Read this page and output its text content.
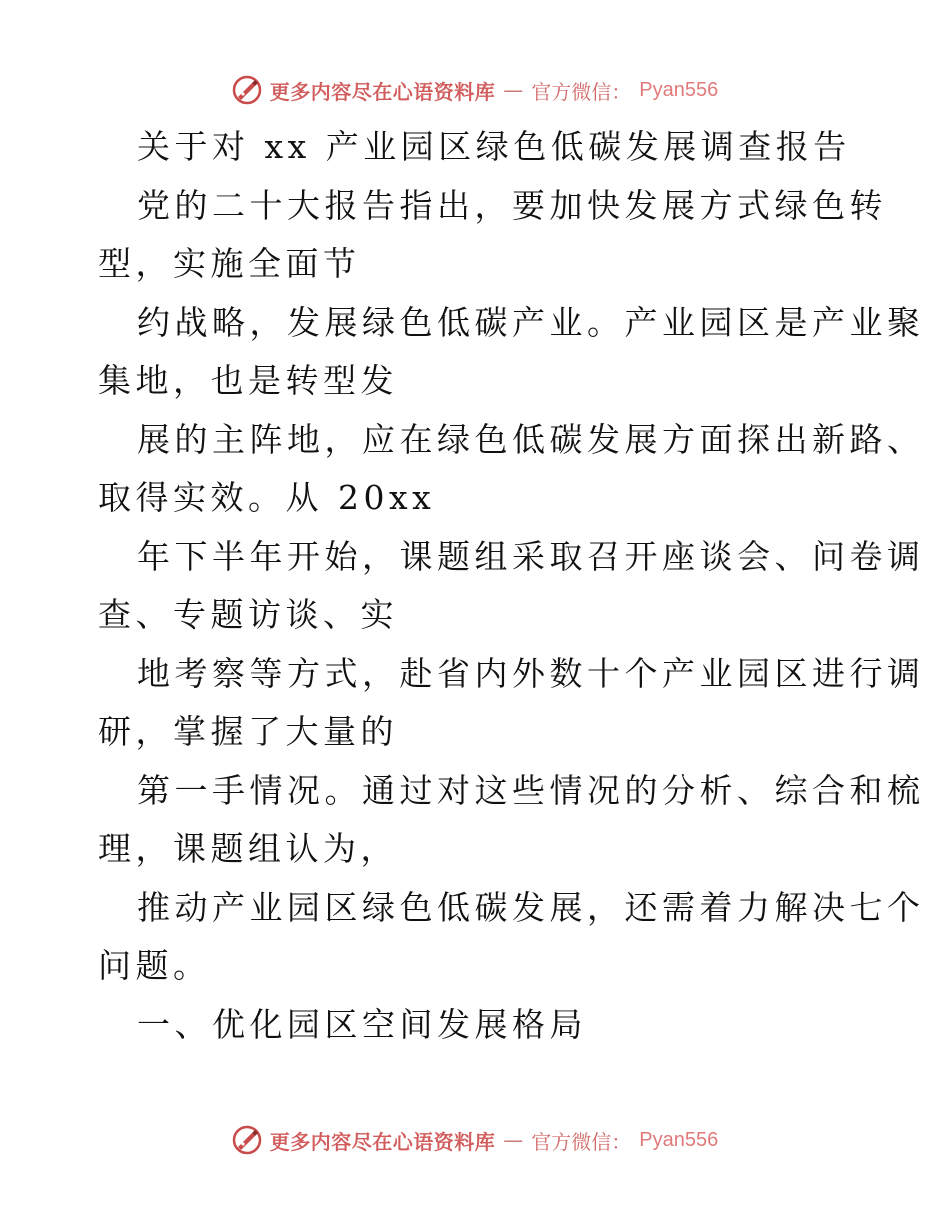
更多内容尽在心语资料库 — 官方微信： Pyan556

关于对 xx 产业园区绿色低碳发展调查报告

党的二十大报告指出，要加快发展方式绿色转

型，实施全面节

约战略，发展绿色低碳产业。产业园区是产业聚

集地，也是转型发

展的主阵地，应在绿色低碳发展方面探出新路、

取得实效。从 20xx

年下半年开始，课题组采取召开座谈会、问卷调

查、专题访谈、实

地考察等方式，赴省内外数十个产业园区进行调

研，掌握了大量的

第一手情况。通过对这些情况的分析、综合和梳

理，课题组认为，

推动产业园区绿色低碳发展，还需着力解决七个

问题。

一、优化园区空间发展格局

更多内容尽在心语资料库 — 官方微信： Pyan556
